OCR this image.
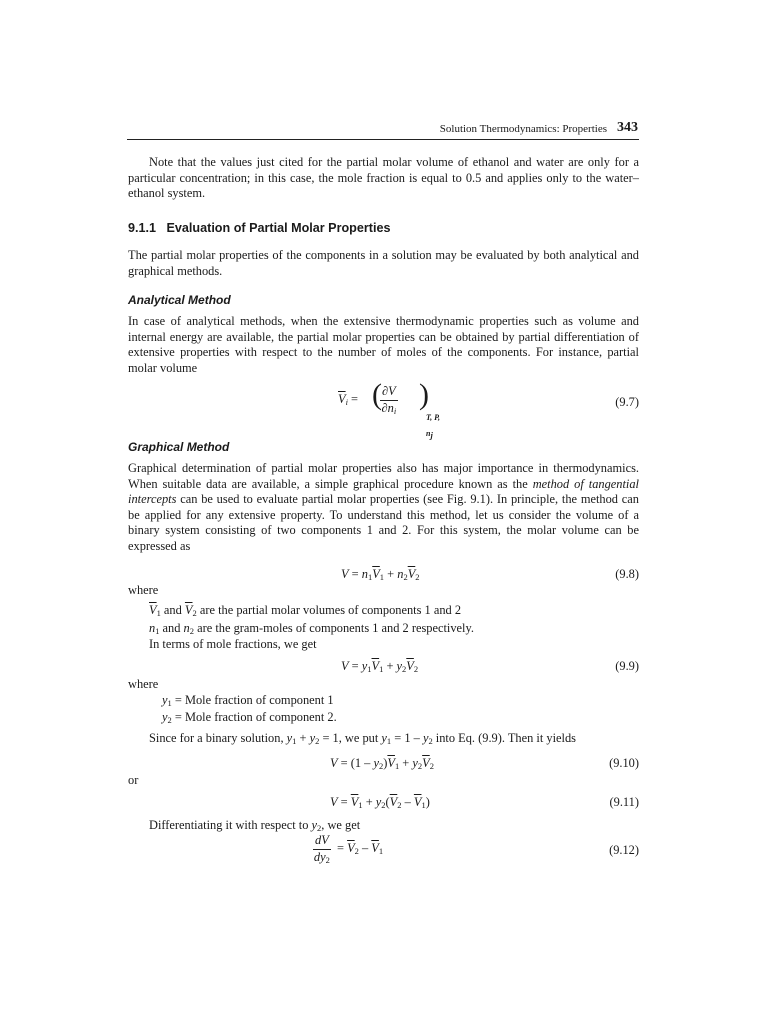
Solution Thermodynamics: Properties 343
Note that the values just cited for the partial molar volume of ethanol and water are only for a particular concentration; in this case, the mole fraction is equal to 0.5 and applies only to the water–ethanol system.
9.1.1 Evaluation of Partial Molar Properties
The partial molar properties of the components in a solution may be evaluated by both analytical and graphical methods.
Analytical Method
In case of analytical methods, when the extensive thermodynamic properties such as volume and internal energy are available, the partial molar properties can be obtained by partial differentiation of extensive properties with respect to the number of moles of the components. For instance, partial molar volume
$\overline{V}_i$ = (
$\frac{\partial V}{\partial n_i}$ )
T, P, $n_j$
(9.7)
Graphical Method
Graphical determination of partial molar properties also has major importance in thermodynamics. When suitable data are available, a simple graphical procedure known as the method of tangential intercepts can be used to evaluate partial molar properties (see Fig. 9.1). In principle, the method can be applied for any extensive property. To understand this method, let us consider the volume of a binary system consisting of two components 1 and 2. For this system, the molar volume can be expressed as
$V = n_1\overline{V}_1 + n_2\overline{V}_2$	(9.8)
where
$\overline{V}_1$ and $\overline{V}_2$ are the partial molar volumes of components 1 and 2
$n_1$ and $n_2$ are the gram-moles of components 1 and 2 respectively.
In terms of mole fractions, we get
$V = y_1\overline{V}_1 + y_2\overline{V}_2$	(9.9)
where
$y_1$ = Mole fraction of component 1
$y_2$ = Mole fraction of component 2.
Since for a binary solution, $y_1 + y_2 = 1$, we put $y_1 = 1 - y_2$ into Eq. (9.9). Then it yields
$V = (1 - y_2)\overline{V}_1 + y_2\overline{V}_2$	(9.10)
or
$V = \overline{V}_1 + y_2(\overline{V}_2 - \overline{V}_1)$	(9.11)
Differentiating it with respect to $y_2$, we get
$\frac{dV}{dy_2} = \overline{V}_2 - \overline{V}_1$	(9.12)
